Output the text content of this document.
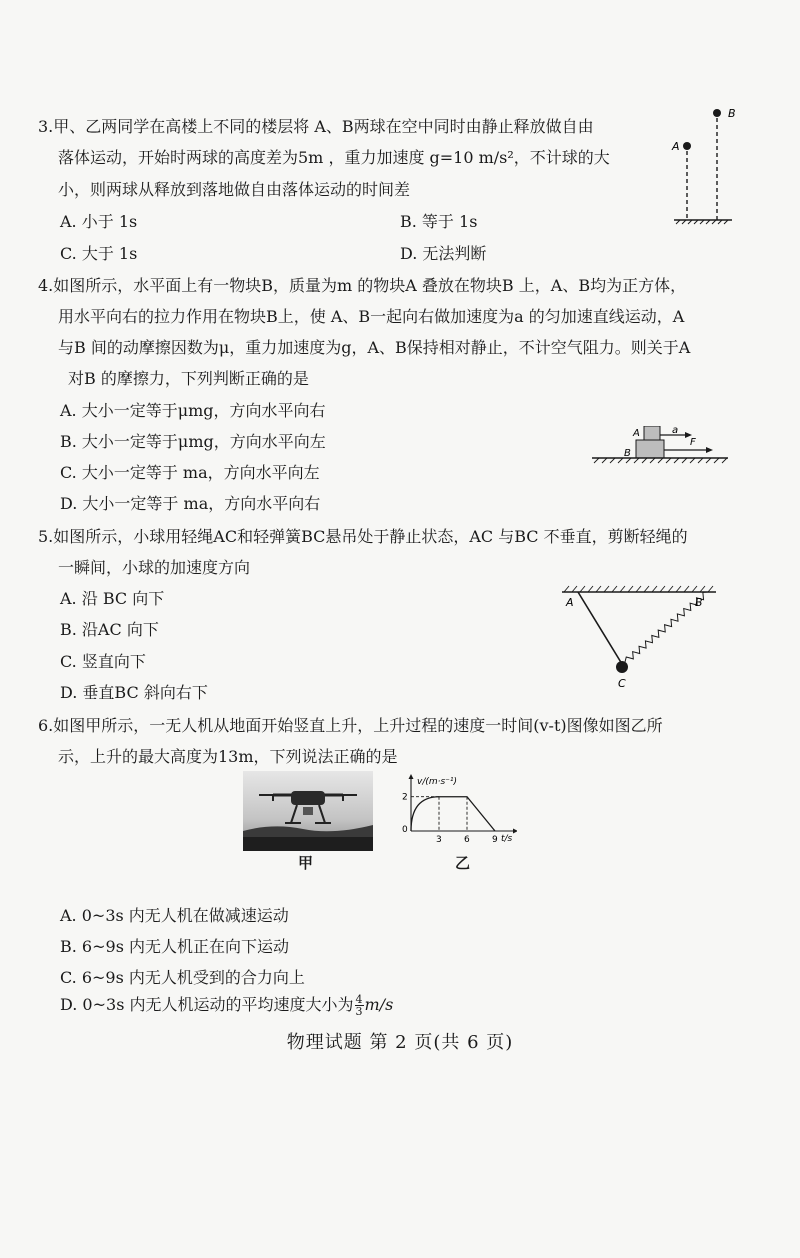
3.甲、乙两同学在高楼上不同的楼层将 A、B两球在空中同时由静止释放做自由
落体运动，开始时两球的高度差为5m ，重力加速度 g=10 m/s²，不计球的大
小，则两球从释放到落地做自由落体运动的时间差
A. 小于 1s	B. 等于 1s
C. 大于 1s	D. 无法判断
B
A
4.如图所示，水平面上有一物块B，质量为m 的物块A 叠放在物块B 上，A、B均为正方体，
用水平向右的拉力作用在物块B上，使 A、B一起向右做加速度为a 的匀加速直线运动，A
与B 间的动摩擦因数为μ，重力加速度为g，A、B保持相对静止，不计空气阻力。则关于A
对B 的摩擦力，下列判断正确的是
A. 大小一定等于μmg，方向水平向右
B. 大小一定等于μmg，方向水平向左
C. 大小一定等于 ma，方向水平向左
D. 大小一定等于 ma，方向水平向右
a
F
A
B
5.如图所示，小球用轻绳AC和轻弹簧BC悬吊处于静止状态，AC 与BC 不垂直，剪断轻绳的
一瞬间，小球的加速度方向
A. 沿 BC 向下
B. 沿AC 向下
C. 竖直向下
D. 垂直BC 斜向右下
A	B
C
6.如图甲所示，一无人机从地面开始竖直上升，上升过程的速度一时间(v-t)图像如图乙所
示，上升的最大高度为13m，下列说法正确的是
甲
0
3 6 9
2
v/(m·s⁻¹)
t/s
乙
A. 0~3s 内无人机在做减速运动
B. 6~9s 内无人机正在向下运动
C. 6~9s 内无人机受到的合力向上
D. 0~3s 内无人机运动的平均速度大小为 $\frac{4}{3} m/s$
物理试题 第 2 页(共 6 页)
